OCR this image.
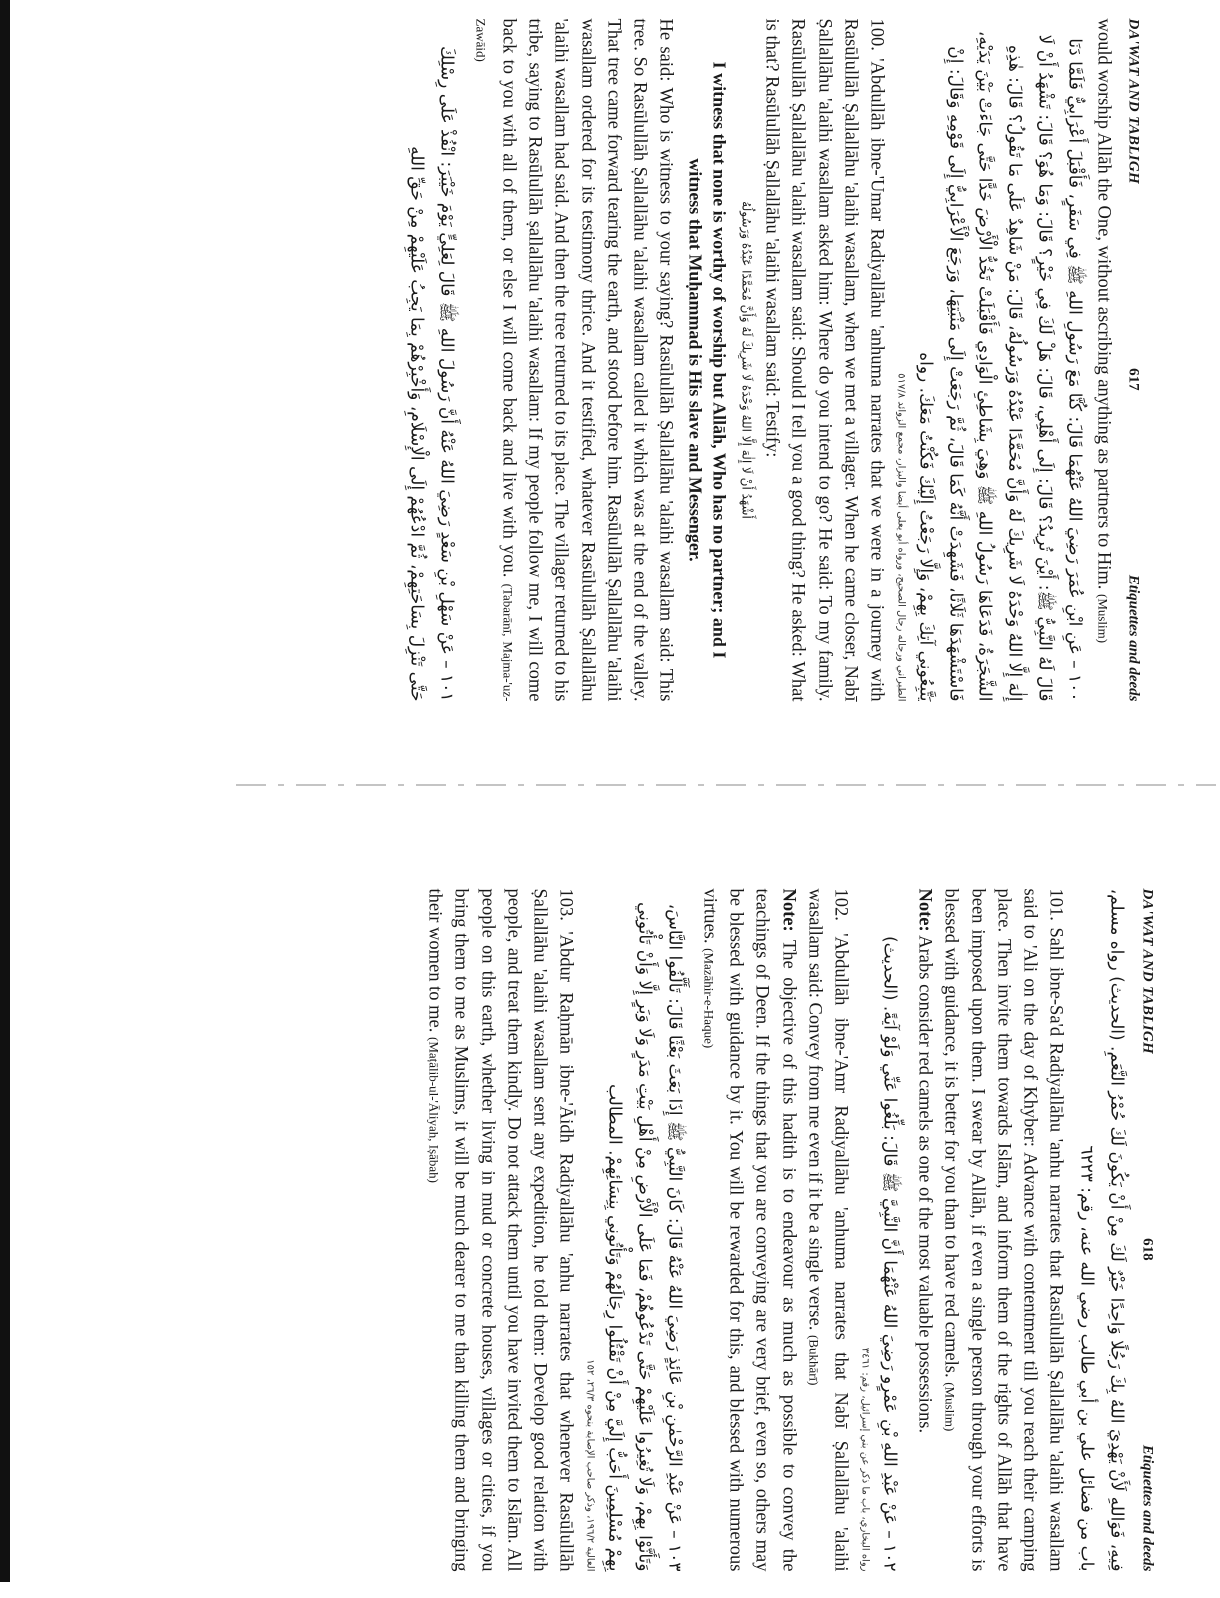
DA'WAT AND TABLIGH
617
Etiquettes and deeds

would worship Allāh the One, without ascribing anything as partners to Him. (Muslim)

١٠٠ – عَنِ ابْنِ عُمَرَ رَضِيَ اللهُ عَنْهُمَا قَالَ: كُنَّا مَعَ رَسُولِ اللهِ ﷺ فِي سَفَرٍ، فَأَقْبَلَ أَعْرَابِيٌّ فَلَمَّا دَنَا قَالَ لَهُ النَّبِيُّ ﷺ: أَيْنَ تُرِيدُ؟ قَالَ: إِلَى أَهْلِي، قَالَ: هَلْ لَكَ فِي خَيْرٍ؟ قَالَ: وَمَا هُوَ؟ قَالَ: تَشْهَدُ أَنْ لَا إِلٰهَ إِلَّا اللهُ وَحْدَهُ لَا شَرِيكَ لَهُ وَأَنَّ مُحَمَّدًا عَبْدُهُ وَرَسُولُهُ، قَالَ: مَنْ شَاهِدٌ عَلَى مَا تَقُولُ؟ قَالَ: هٰذِهِ الشَّجَرَةُ، فَدَعَاهَا رَسُولُ اللهِ ﷺ وَهِيَ بِشَاطِئِ الْوَادِي فَأَقْبَلَتْ تَخُدُّ الْأَرْضَ خَدًّا حَتَّى جَاءَتْ بَيْنَ يَدَيْهِ، فَاسْتَشْهَدَهَا ثَلَاثًا، فَشَهِدَتْ أَنَّهُ كَمَا قَالَ، ثُمَّ رَجَعَتْ إِلَى مَنْبَتِهَا، وَرَجَعَ الْأَعْرَابِيُّ إِلَى قَوْمِهِ وَقَالَ: إِنْ يَتَّبِعُونِي آتِكَ بِهِمْ، وَإِلَّا رَجَعْتُ إِلَيْكَ فَكُنْتُ مَعَكَ. رواه
الطبراني ورجاله رجال الصحيح، ورواه أبو يعلى أيضا والبزار، مجمع الزوائد ٥١٧/٨

100. 'Abdullāh ibne-'Umar Radiyallāhu 'anhuma narrates that we were in a journey with Rasūlullāh Ṣallallāhu 'alaihi wasallam, when we met a villager. When he came closer, Nabī Ṣallallāhu 'alaihi wasallam asked him: Where do you intend to go? He said: To my family. Rasūlullāh Ṣallallāhu 'alaihi wasallam said: Should I tell you a good thing? He asked: What is that? Rasūlullāh Ṣallallāhu 'alaihi wasallam said: Testify:

أَشْهَدُ أَنْ لَا إِلٰهَ إِلَّا اللهُ وَحْدَهُ لَا شَرِيكَ لَهُ وَأَنَّ مُحَمَّدًا عَبْدُهُ وَرَسُولُهُ
I witness that none is worthy of worship but Allāh, Who has no partner; and I witness that Muḥammad is His slave and Messenger.

He said: Who is witness to your saying? Rasūlullāh Ṣallallāhu 'alaihi wasallam said: This tree. So Rasūlullāh Ṣallallāhu 'alaihi wasallam called it which was at the end of the valley. That tree came forward tearing the earth, and stood before him. Rasūlullāh Ṣallallāhu 'alaihi wasallam ordered for its testimony thrice. And it testified, whatever Rasūlullāh Ṣallallāhu 'alaihi wasallam had said. And then the tree returned to its place. The villager returned to his tribe, saying to Rasūlullāh ṣallallāhu 'alaihi wasallam: If my people follow me, I will come back to you with all of them, or else I will come back and live with you. (Tabarānī, Majma-'uz-Zawāid)

١٠١ – عَنْ سَهْلِ بْنِ سَعْدٍ رَضِيَ اللهُ عَنْهُ أَنَّ رَسُولَ اللهِ ﷺ قَالَ لِعَلِيٍّ يَوْمَ خَيْبَرَ: انْفُذْ عَلَى رِسْلِكَ حَتَّى تَنْزِلَ بِسَاحَتِهِمْ، ثُمَّ ادْعُهُمْ إِلَى الْإِسْلَامِ، وَأَخْبِرْهُمْ بِمَا يَجِبُ عَلَيْهِمْ مِنْ حَقِّ اللهِ
DA'WAT AND TABLIGH
618
Etiquettes and deeds
فِيهِ، فَوَاللهِ لَأَنْ يَهْدِيَ اللهُ بِكَ رَجُلًا وَاحِدًا خَيْرٌ لَكَ مِنْ أَنْ يَكُونَ لَكَ حُمْرُ النَّعَمِ. (الحديث) رواه مسلم، باب من فضائل علي بن أبي طالب رضي الله عنه، رقم: ٦٢٢٣

101. Sahl ibne-Sa'd Radiyallāhu 'anhu narrates that Rasūlullāh Ṣallallāhu 'alaihi wasallam said to 'Ali on the day of Khyber: Advance with contentment till you reach their camping place. Then invite them towards Islām, and inform them of the rights of Allāh that have been imposed upon them. I swear by Allāh, if even a single person through your efforts is blessed with guidance, it is better for you than to have red camels. (Muslim)

Note: Arabs consider red camels as one of the most valuable possessions.

١٠٢ – عَنْ عَبْدِ اللهِ بْنِ عَمْرٍو رَضِيَ اللهُ عَنْهُمَا أَنَّ النَّبِيَّ ﷺ قَالَ: بَلِّغُوا عَنِّي وَلَوْ آيَةً. (الحديث)
رواه البخاري، باب ما ذكر عن بني إسرائيل، رقم: ٣٤٦١

102. 'Abdullāh ibne-'Amr Radiyallāhu 'anhuma narrates that Nabī Ṣallallāhu 'alaihi wasallam said: Convey from me even if it be a single verse. (Bukhārī)

Note: The objective of this hadith is to endeavour as much as possible to convey the teachings of Deen. If the things that you are conveying are very brief, even so, others may be blessed with guidance by it. You will be rewarded for this, and blessed with numerous virtues. (Mazāhir-e-Haque)

١٠٣ – عَنْ عَبْدِ الرَّحْمٰنِ بْنِ عَائِذٍ رَضِيَ اللهُ عَنْهُ قَالَ: كَانَ النَّبِيُّ ﷺ إِذَا بَعَثَ بَعْثًا قَالَ: تَأَلَّفُوا النَّاسَ، وَتَأَنَّوْا بِهِمْ، وَلَا تُغِيرُوا عَلَيْهِمْ حَتَّى تَدْعُوهُمْ، فَمَا عَلَى الْأَرْضِ مِنْ أَهْلِ بَيْتِ مَدَرٍ وَلَا وَبَرٍ إِلَّا وَأَنْ تَأْتُونِي بِهِمْ مُسْلِمِينَ أَحَبُّ إِلَيَّ مِنْ أَنْ تَقْتُلُوا رِجَالَهُمْ وَتَأْتُونِي بِنِسَائِهِمْ. المطالب
العالية ١٩٦/٢، وذكر صاحب الإصابة بنحوه ٢٦/٣، ١٥٢

103. 'Abdur Raḥmān ibne-'Āidh Radiyallāhu 'anhu narrates that whenever Rasūlullāh Ṣallallāhu 'alaihi wasallam sent any expedition, he told them: Develop good relation with people, and treat them kindly. Do not attack them until you have invited them to Islām. All people on this earth, whether living in mud or concrete houses, villages or cities, if you bring them to me as Muslims, it will be much dearer to me than killing them and bringing their women to me. (Maṭālib-ul-'Āliyah, Iṣābah)
